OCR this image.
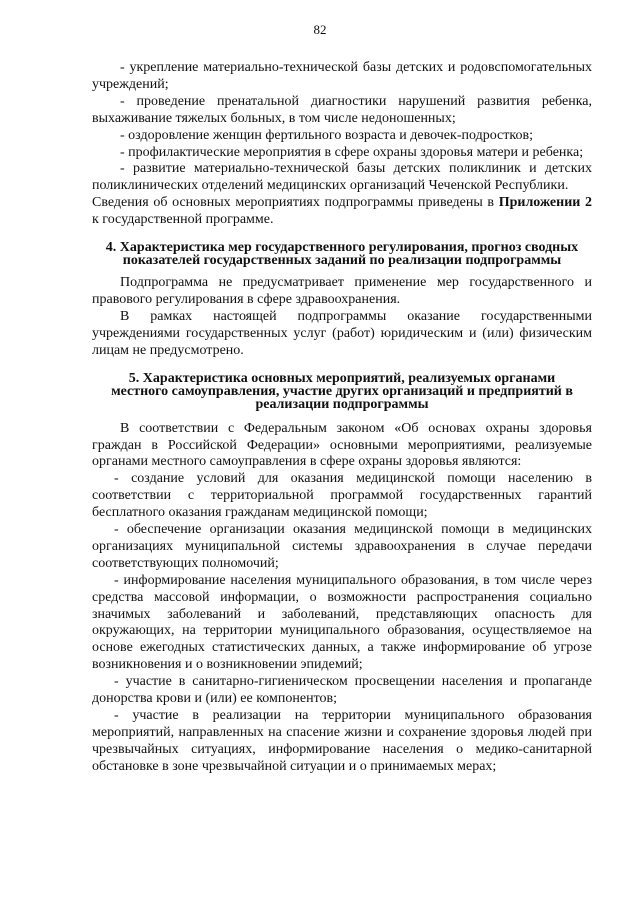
82

- укрепление материально-технической базы детских и родовспомогательных учреждений;

- проведение пренатальной диагностики нарушений развития ребенка, выхаживание тяжелых больных, в том числе недоношенных;

- оздоровление женщин фертильного возраста и девочек-подростков;

- профилактические мероприятия в сфере охраны здоровья матери и ребенка;

- развитие материально-технической базы детских поликлиник и детских поликлинических отделений медицинских организаций Чеченской Республики.

Сведения об основных мероприятиях подпрограммы приведены в Приложении 2 к государственной программе.

4. Характеристика мер государственного регулирования, прогноз сводных показателей государственных заданий по реализации подпрограммы

Подпрограмма не предусматривает применение мер государственного и правового регулирования в сфере здравоохранения.

В рамках настоящей подпрограммы оказание государственными учреждениями государственных услуг (работ) юридическим и (или) физическим лицам не предусмотрено.

5. Характеристика основных мероприятий, реализуемых органами местного самоуправления, участие других организаций и предприятий в реализации подпрограммы

В соответствии с Федеральным законом «Об основах охраны здоровья граждан в Российской Федерации» основными мероприятиями, реализуемые органами местного самоуправления в сфере охраны здоровья являются:

- создание условий для оказания медицинской помощи населению в соответствии с территориальной программой государственных гарантий бесплатного оказания гражданам медицинской помощи;

- обеспечение организации оказания медицинской помощи в медицинских организациях муниципальной системы здравоохранения в случае передачи соответствующих полномочий;

- информирование населения муниципального образования, в том числе через средства массовой информации, о возможности распространения социально значимых заболеваний и заболеваний, представляющих опасность для окружающих, на территории муниципального образования, осуществляемое на основе ежегодных статистических данных, а также информирование об угрозе возникновения и о возникновении эпидемий;

- участие в санитарно-гигиеническом просвещении населения и пропаганде донорства крови и (или) ее компонентов;

- участие в реализации на территории муниципального образования мероприятий, направленных на спасение жизни и сохранение здоровья людей при чрезвычайных ситуациях, информирование населения о медико-санитарной обстановке в зоне чрезвычайной ситуации и о принимаемых мерах;
